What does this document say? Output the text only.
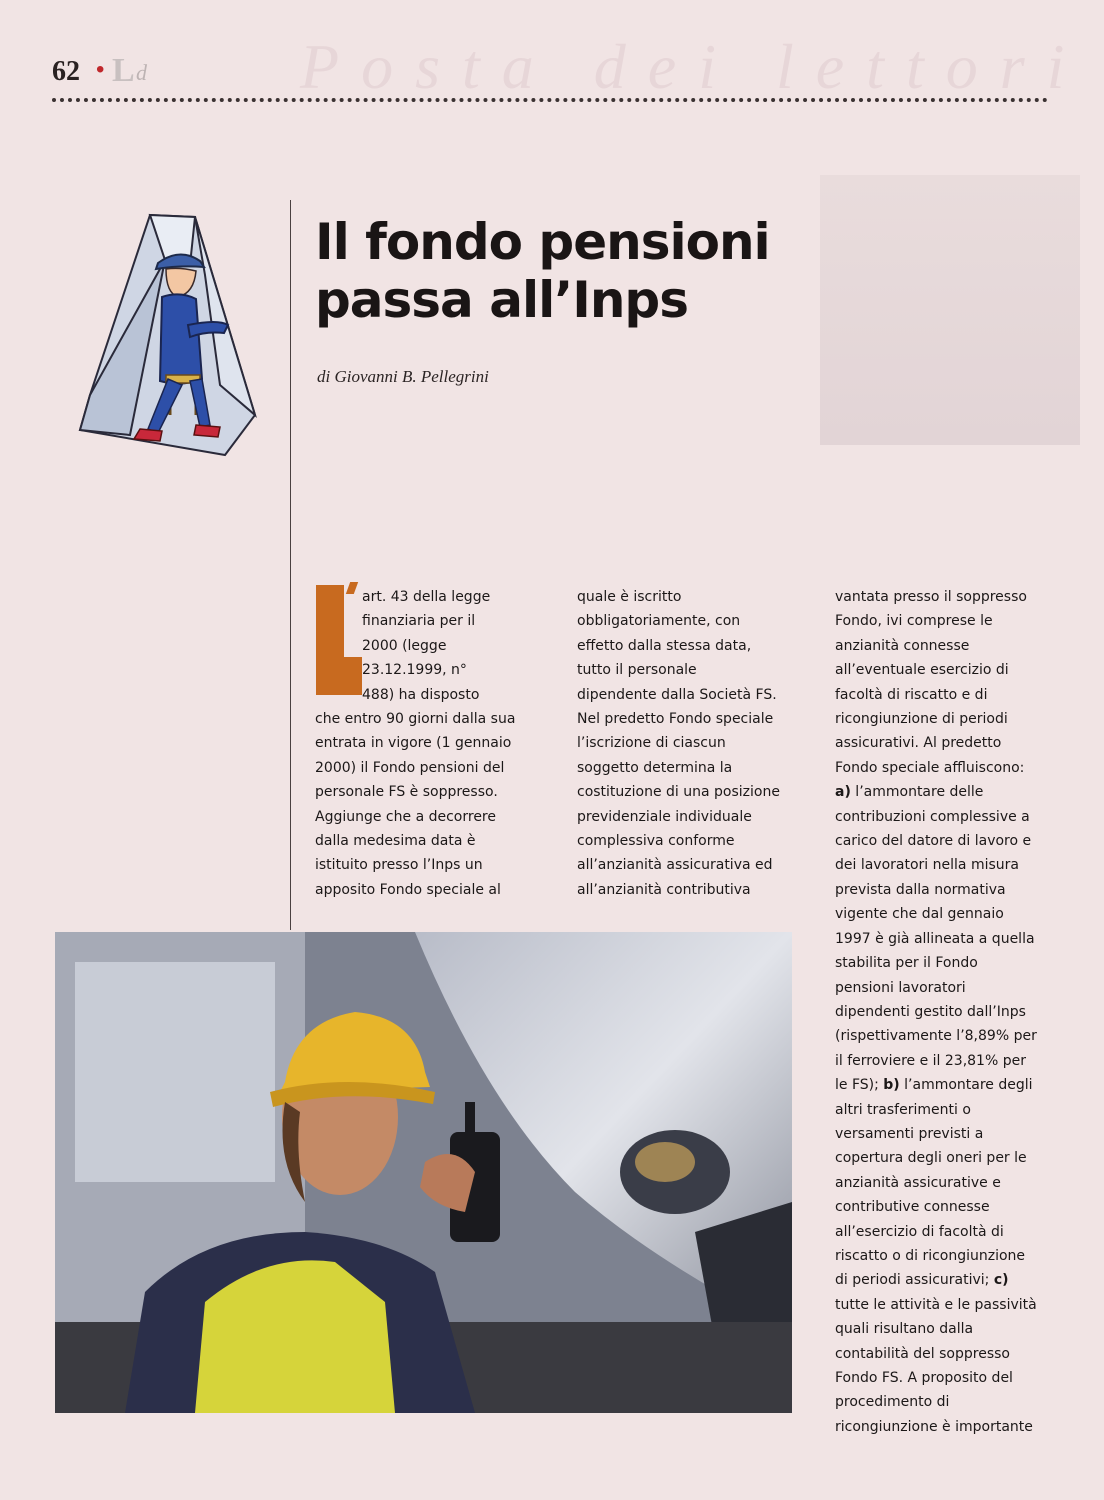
62 • L d Posta dei lettori
Il fondo pensioni
passa all’Inps
di Giovanni B. Pellegrini
art. 43 della legge
finanziaria per il
2000 (legge
23.12.1999, n°
488) ha disposto
che entro 90 giorni dalla sua
entrata in vigore (1 gennaio
2000) il Fondo pensioni del
personale FS è soppresso.
Aggiunge che a decorrere
dalla medesima data è
istituito presso l’Inps un
apposito Fondo speciale al
quale è iscritto
obbligatoriamente, con
effetto dalla stessa data,
tutto il personale
dipendente dalla Società FS.
Nel predetto Fondo speciale
l’iscrizione di ciascun
soggetto determina la
costituzione di una posizione
previdenziale individuale
complessiva conforme
all’anzianità assicurativa ed
all’anzianità contributiva
vantata presso il soppresso
Fondo, ivi comprese le
anzianità connesse
all’eventuale esercizio di
facoltà di riscatto e di
ricongiunzione di periodi
assicurativi. Al predetto
Fondo speciale affluiscono:
a) l’ammontare delle
contribuzioni complessive a
carico del datore di lavoro e
dei lavoratori nella misura
prevista dalla normativa
vigente che dal gennaio
1997 è già allineata a quella
stabilita per il Fondo
pensioni lavoratori
dipendenti gestito dall’Inps
(rispettivamente l’8,89% per
il ferroviere e il 23,81% per
le FS); b) l’ammontare degli
altri trasferimenti o
versamenti previsti a
copertura degli oneri per le
anzianità assicurative e
contributive connesse
all’esercizio di facoltà di
riscatto o di ricongiunzione
di periodi assicurativi; c)
tutte le attività e le passività
quali risultano dalla
contabilità del soppresso
Fondo FS. A proposito del
procedimento di
ricongiunzione è importante
